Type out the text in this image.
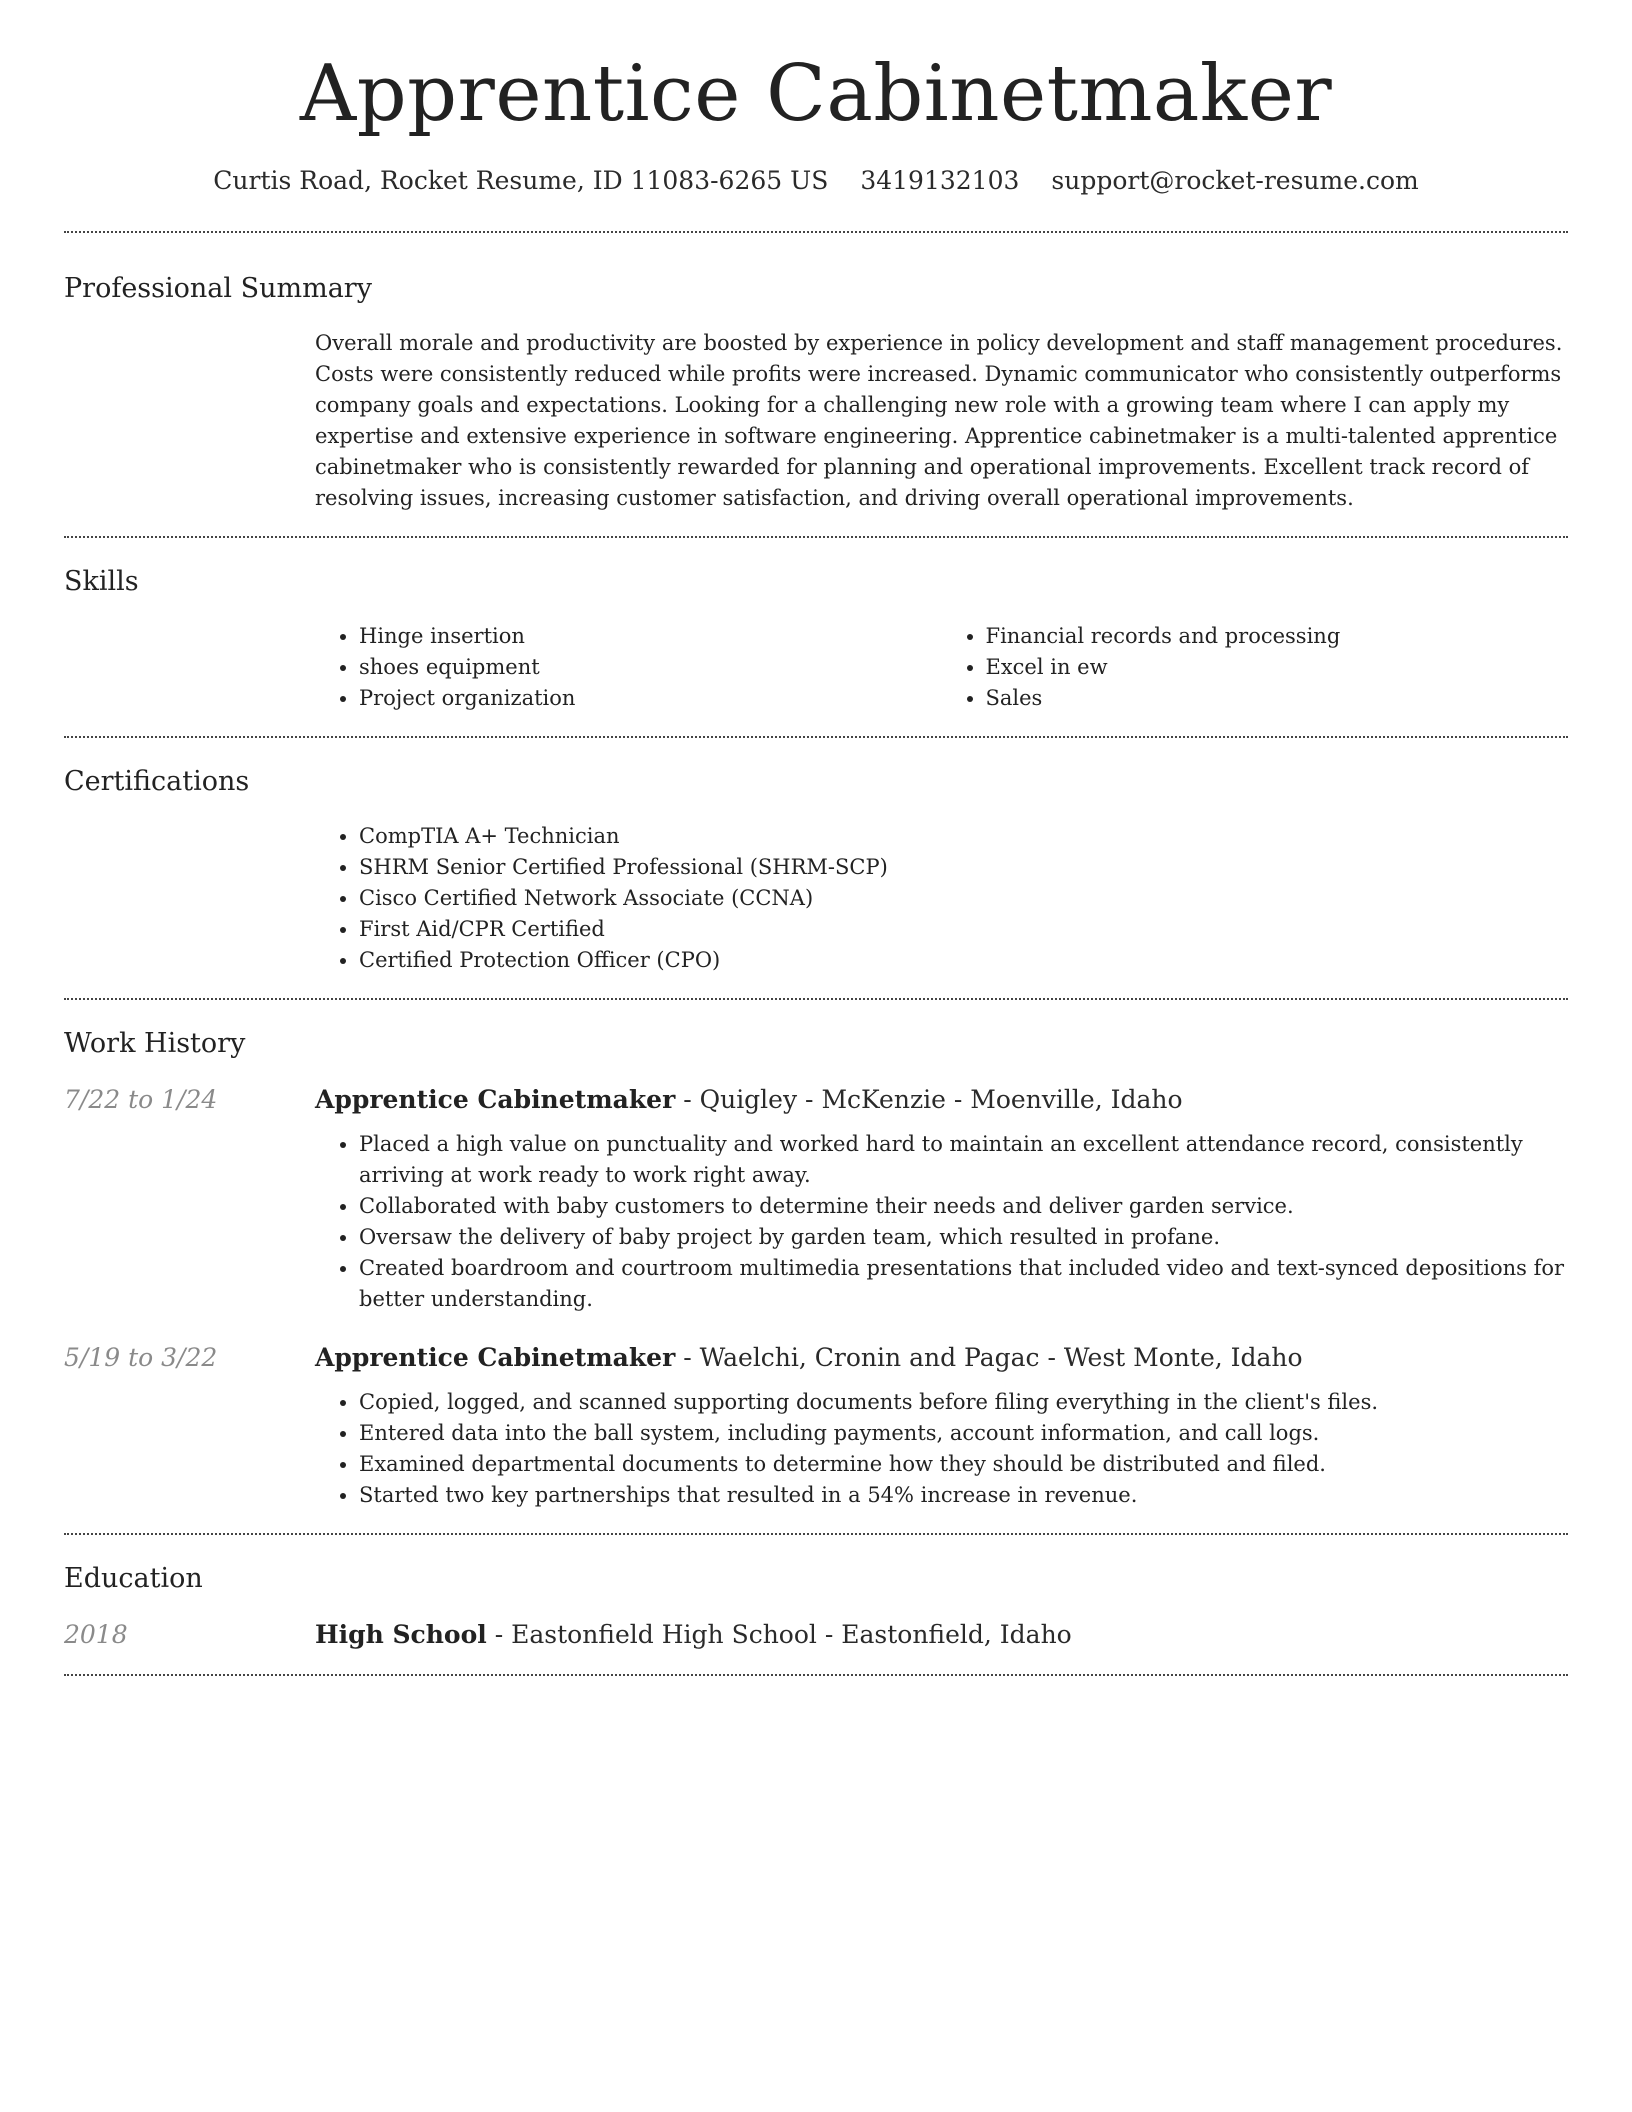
Apprentice Cabinetmaker
Curtis Road, Rocket Resume, ID 11083-6265 US 3419132103 support@rocket-resume.com
Professional Summary

Overall morale and productivity are boosted by experience in policy development and staff management procedures. Costs were consistently reduced while profits were increased. Dynamic communicator who consistently outperforms company goals and expectations. Looking for a challenging new role with a growing team where I can apply my expertise and extensive experience in software engineering. Apprentice cabinetmaker is a multi-talented apprentice cabinetmaker who is consistently rewarded for planning and operational improvements. Excellent track record of resolving issues, increasing customer satisfaction, and driving overall operational improvements.

Skills
• Hinge insertion
• shoes equipment
• Project organization
• Financial records and processing
• Excel in ew
• Sales
Certifications
• CompTIA A+ Technician
• SHRM Senior Certified Professional (SHRM-SCP)
• Cisco Certified Network Associate (CCNA)
• First Aid/CPR Certified
• Certified Protection Officer (CPO)
Work History
7/22 to 1/24	Apprentice Cabinetmaker - Quigley - McKenzie - Moenville, Idaho
• Placed a high value on punctuality and worked hard to maintain an excellent attendance record, consistently arriving at work ready to work right away.
• Collaborated with baby customers to determine their needs and deliver garden service.
• Oversaw the delivery of baby project by garden team, which resulted in profane.
• Created boardroom and courtroom multimedia presentations that included video and text-synced depositions for better understanding.
5/19 to 3/22	Apprentice Cabinetmaker - Waelchi, Cronin and Pagac - West Monte, Idaho
• Copied, logged, and scanned supporting documents before filing everything in the client's files.
• Entered data into the ball system, including payments, account information, and call logs.
• Examined departmental documents to determine how they should be distributed and filed.
• Started two key partnerships that resulted in a 54% increase in revenue.
Education
2018	High School - Eastonfield High School - Eastonfield, Idaho
